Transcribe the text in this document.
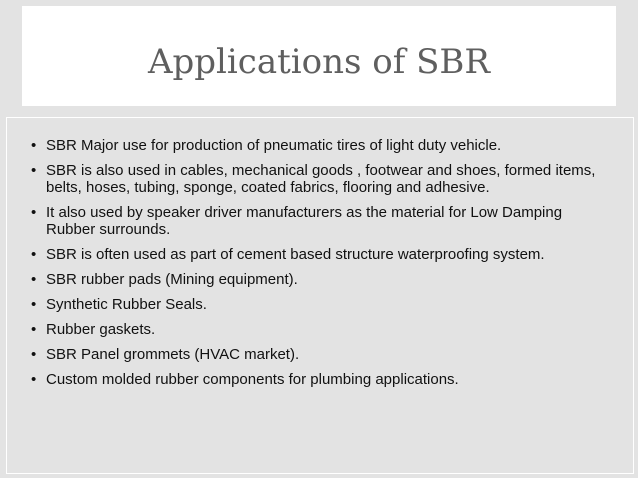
Applications of SBR
• SBR Major use for production of pneumatic tires of light duty vehicle.
• SBR is also used in cables, mechanical goods , footwear and shoes, formed items, belts, hoses, tubing, sponge, coated fabrics, flooring and adhesive.
• It also used by speaker driver manufacturers as the material for Low Damping Rubber surrounds.
• SBR is often used as part of cement based structure waterproofing system.
• SBR rubber pads (Mining equipment).
• Synthetic Rubber Seals.
• Rubber gaskets.
• SBR Panel grommets (HVAC market).
• Custom molded rubber components for plumbing applications.
